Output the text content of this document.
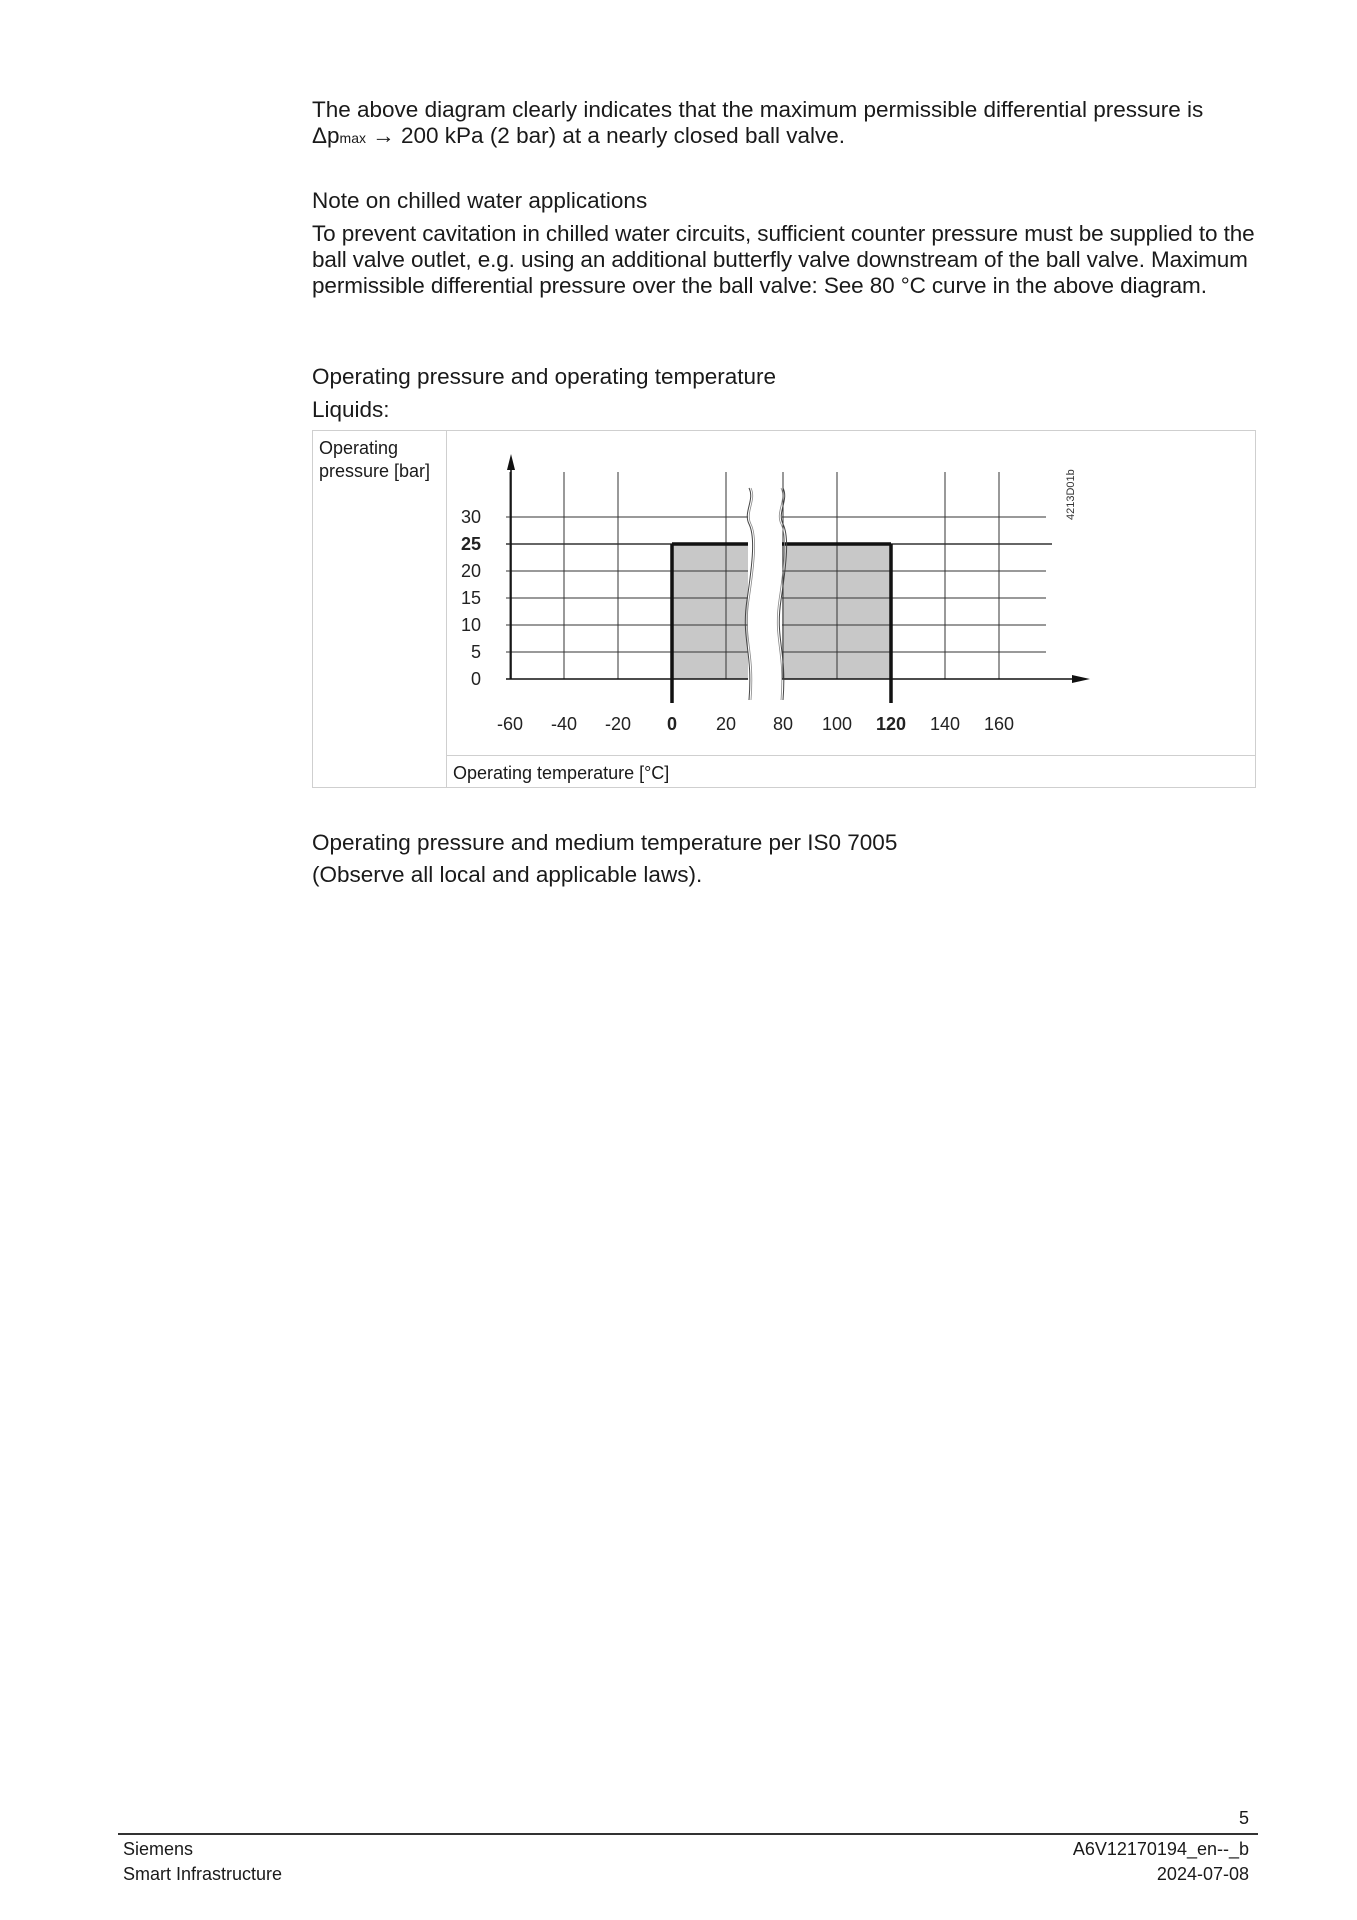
The above diagram clearly indicates that the maximum permissible differential pressure is
Δpmax → 200 kPa (2 bar) at a nearly closed ball valve.
Note on chilled water applications
To prevent cavitation in chilled water circuits, sufficient counter pressure must be supplied to the ball valve outlet, e.g. using an additional butterfly valve downstream of the ball valve. Maximum permissible differential pressure over the ball valve: See 80 °C curve in the above diagram.
Operating pressure and operating temperature
Liquids:
Operating pressure [bar]
Operating temperature [°C]
0
5
10
15
20
25
30
-60 -40 -20 0 20 80 100 120 140 160
4213D01b
Operating pressure and medium temperature per IS0 7005
(Observe all local and applicable laws).
5
Siemens
Smart Infrastructure
A6V12170194_en--_b
2024-07-08
